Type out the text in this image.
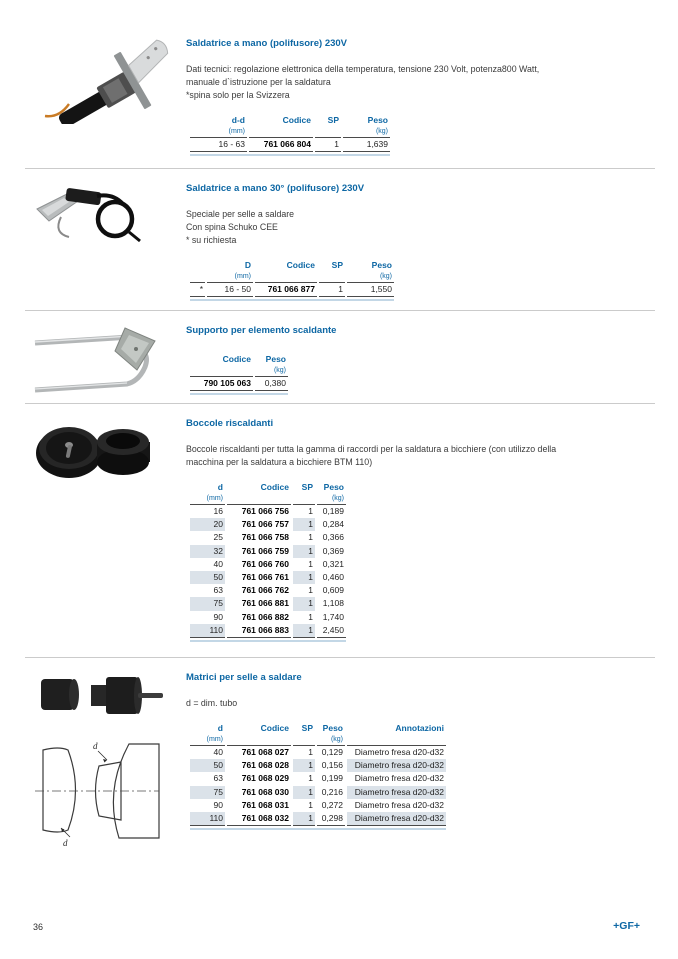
Saldatrice a mano (polifusore) 230V
Dati tecnici: regolazione elettronica della temperatura, tensione 230 Volt, potenza800 Watt,
manuale d`istruzione per la saldatura
*spina solo per la Svizzera
d-d	Codice	SP	Peso
(mm)			(kg)
16 - 63	761 066 804	1	1,639
Saldatrice a mano 30° (polifusore) 230V
Speciale per selle a saldare
Con spina Schuko CEE
* su richiesta
	D	Codice	SP	Peso
	(mm)			(kg)
*	16 - 50	761 066 877	1	1,550
Supporto per elemento scaldante
Codice	Peso
	(kg)
790 105 063	0,380
Boccole riscaldanti
Boccole riscaldanti per tutta la gamma di raccordi per la saldatura a bicchiere (con utilizzo della
macchina per la saldatura a bicchiere BTM 110)
d	Codice	SP	Peso
(mm)			(kg)
16	761 066 756	1	0,189
20	761 066 757	1	0,284
25	761 066 758	1	0,366
32	761 066 759	1	0,369
40	761 066 760	1	0,321
50	761 066 761	1	0,460
63	761 066 762	1	0,609
75	761 066 881	1	1,108
90	761 066 882	1	1,740
110	761 066 883	1	2,450
d
d
Matrici per selle a saldare
d = dim. tubo
d	Codice	SP	Peso	Annotazioni
(mm)			(kg)	
40	761 068 027	1	0,129	Diametro fresa d20-d32
50	761 068 028	1	0,156	Diametro fresa d20-d32
63	761 068 029	1	0,199	Diametro fresa d20-d32
75	761 068 030	1	0,216	Diametro fresa d20-d32
90	761 068 031	1	0,272	Diametro fresa d20-d32
110	761 068 032	1	0,298	Diametro fresa d20-d32
36	+GF+
